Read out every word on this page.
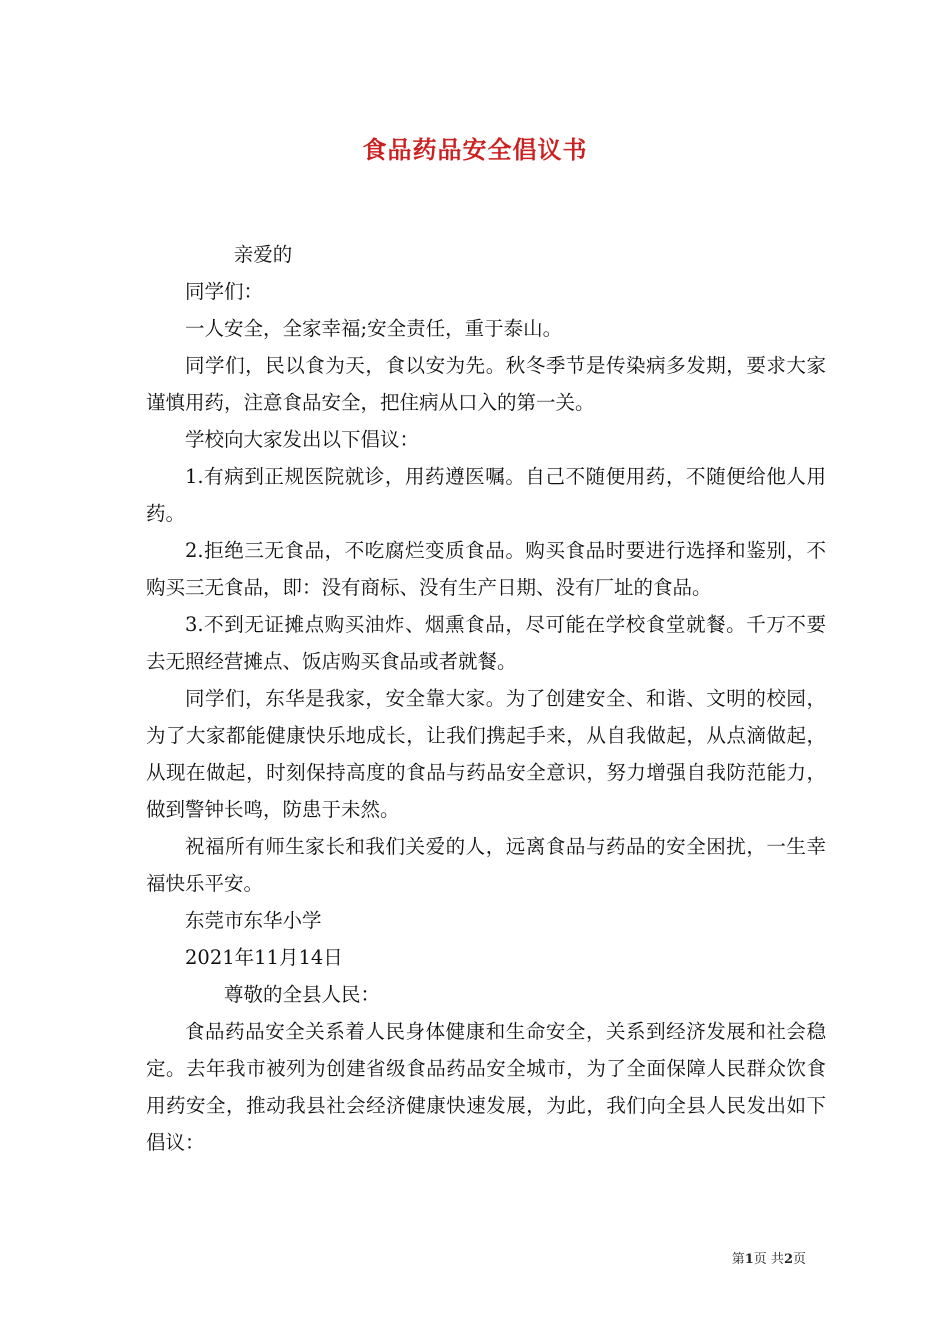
食品药品安全倡议书

亲爱的

同学们：

一人安全，全家幸福;安全责任，重于泰山。

同学们，民以食为天，食以安为先。秋冬季节是传染病多发期，要求大家谨慎用药，注意食品安全，把住病从口入的第一关。

学校向大家发出以下倡议：

1.有病到正规医院就诊，用药遵医嘱。自己不随便用药，不随便给他人用药。

2.拒绝三无食品，不吃腐烂变质食品。购买食品时要进行选择和鉴别，不购买三无食品，即：没有商标、没有生产日期、没有厂址的食品。

3.不到无证摊点购买油炸、烟熏食品，尽可能在学校食堂就餐。千万不要去无照经营摊点、饭店购买食品或者就餐。

同学们，东华是我家，安全靠大家。为了创建安全、和谐、文明的校园，为了大家都能健康快乐地成长，让我们携起手来，从自我做起，从点滴做起，从现在做起，时刻保持高度的食品与药品安全意识，努力增强自我防范能力，做到警钟长鸣，防患于未然。

祝福所有师生家长和我们关爱的人，远离食品与药品的安全困扰，一生幸福快乐平安。

东莞市东华小学

2021年11月14日

尊敬的全县人民：

食品药品安全关系着人民身体健康和生命安全，关系到经济发展和社会稳定。去年我市被列为创建省级食品药品安全城市，为了全面保障人民群众饮食用药安全，推动我县社会经济健康快速发展，为此，我们向全县人民发出如下倡议：

第1页 共2页
